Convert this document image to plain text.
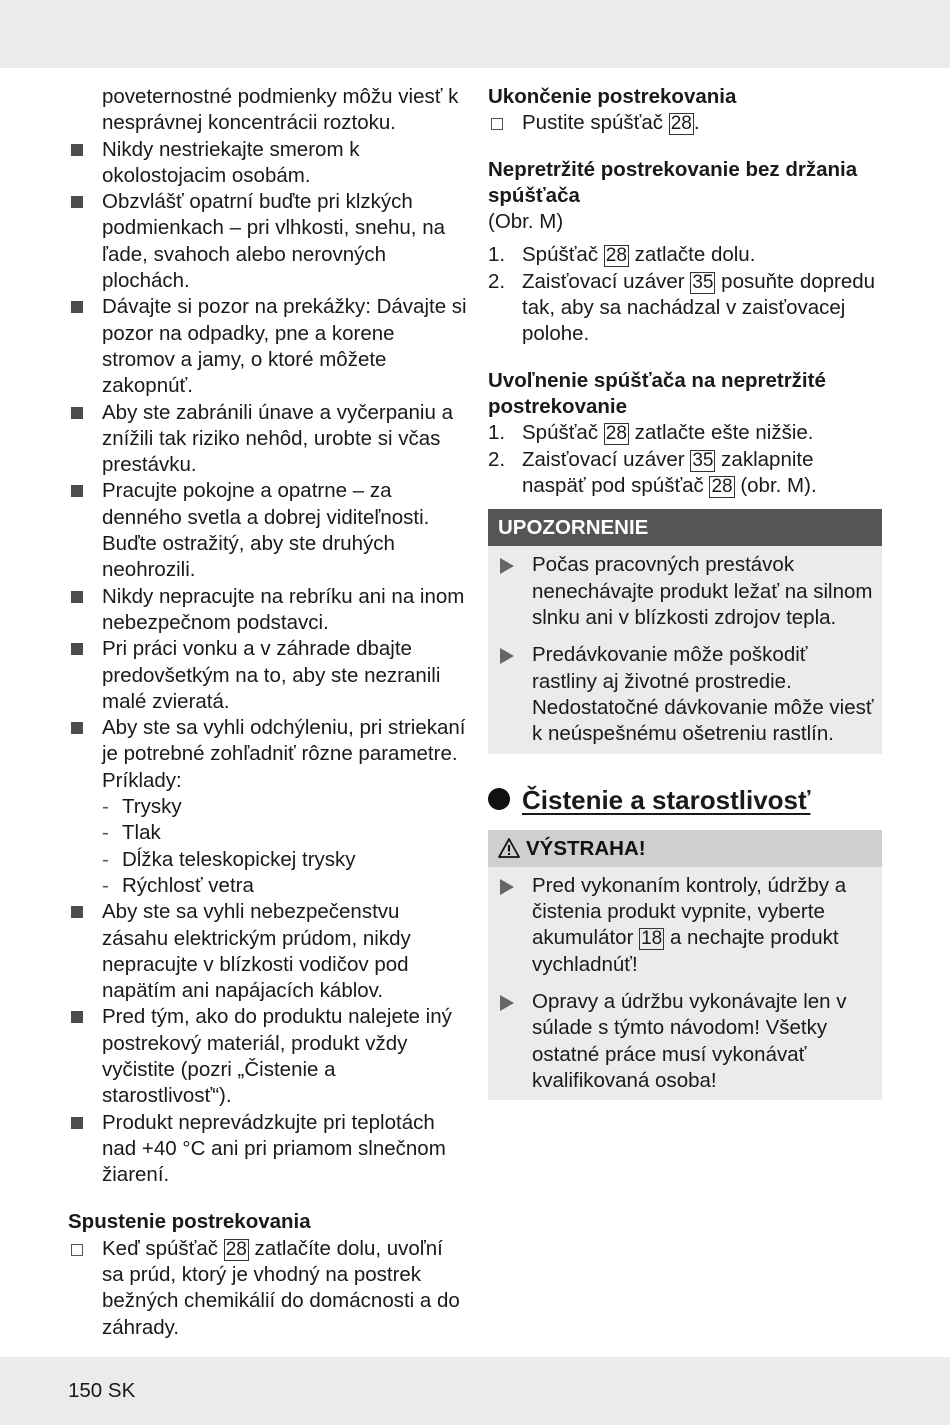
poveternostné podmienky môžu viesť k nesprávnej koncentrácii roztoku.
Nikdy nestriekajte smerom k okolostojacim osobám.
Obzvlášť opatrní buďte pri klzkých podmienkach – pri vlhkosti, snehu, na ľade, svahoch alebo nerovných plochách.
Dávajte si pozor na prekážky: Dávajte si pozor na odpadky, pne a korene stromov a jamy, o ktoré môžete zakopnúť.
Aby ste zabránili únave a vyčerpaniu a znížili tak riziko nehôd, urobte si včas prestávku.
Pracujte pokojne a opatrne – za denného svetla a dobrej viditeľnosti. Buďte ostražitý, aby ste druhých neohrozili.
Nikdy nepracujte na rebríku ani na inom nebezpečnom podstavci.
Pri práci vonku a v záhrade dbajte predovšetkým na to, aby ste nezranili malé zvieratá.
Aby ste sa vyhli odchýleniu, pri striekaní je potrebné zohľadniť rôzne parametre. Príklady:
- Trysky
- Tlak
- Dĺžka teleskopickej trysky
- Rýchlosť vetra
Aby ste sa vyhli nebezpečenstvu zásahu elektrickým prúdom, nikdy nepracujte v blízkosti vodičov pod napätím ani napájacích káblov.
Pred tým, ako do produktu nalejete iný postrekový materiál, produkt vždy vyčistite (pozri „Čistenie a starostlivosť“).
Produkt neprevádzkujte pri teplotách nad +40 °C ani pri priamom slnečnom žiarení.
Spustenie postrekovania
Keď spúšťač 28 zatlačíte dolu, uvoľní sa prúd, ktorý je vhodný na postrek bežných chemikálií do domácnosti a do záhrady.
Ukončenie postrekovania
Pustite spúšťač 28.
Nepretržité postrekovanie bez držania spúšťača
(Obr. M)
1. Spúšťač 28 zatlačte dolu.
2. Zaisťovací uzáver 35 posuňte dopredu tak, aby sa nachádzal v zaisťovacej polohe.
Uvoľnenie spúšťača na nepretržité postrekovanie
1. Spúšťač 28 zatlačte ešte nižšie.
2. Zaisťovací uzáver 35 zaklapnite naspäť pod spúšťač 28 (obr. M).
UPOZORNENIE
Počas pracovných prestávok nenechávajte produkt ležať na silnom slnku ani v blízkosti zdrojov tepla.
Predávkovanie môže poškodiť rastliny aj životné prostredie. Nedostatočné dávkovanie môže viesť k neúspešnému ošetreniu rastlín.
Čistenie a starostlivosť
VÝSTRAHA!
Pred vykonaním kontroly, údržby a čistenia produkt vypnite, vyberte akumulátor 18 a nechajte produkt vychladnúť!
Opravy a údržbu vykonávajte len v súlade s týmto návodom! Všetky ostatné práce musí vykonávať kvalifikovaná osoba!
150 SK
